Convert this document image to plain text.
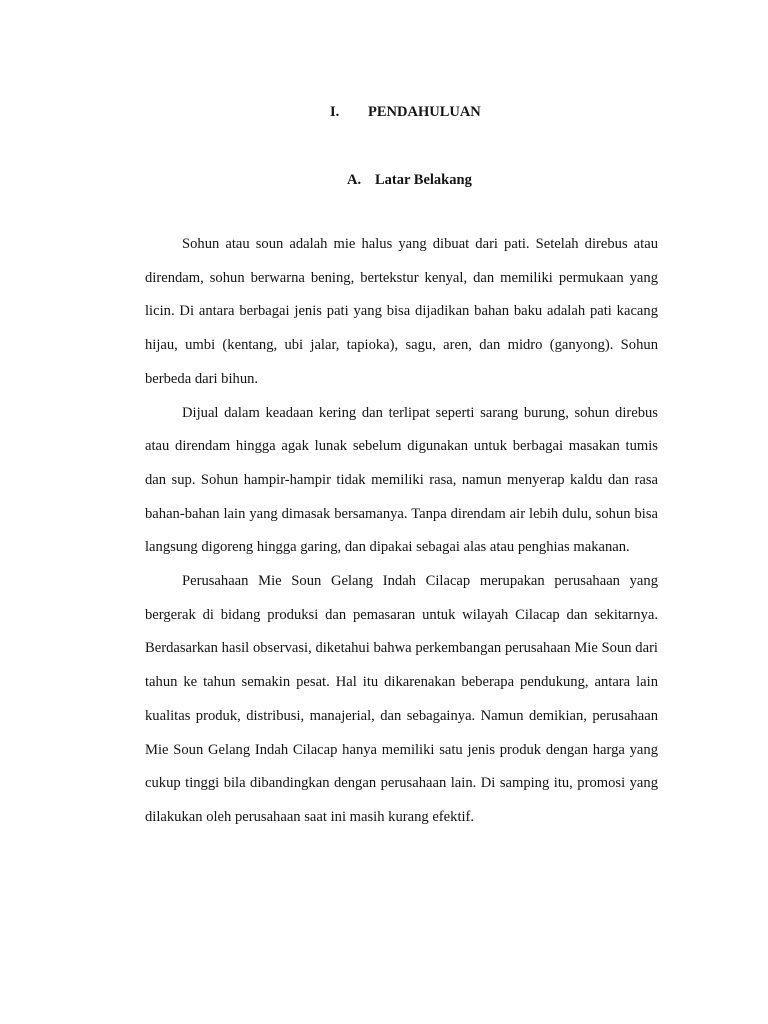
I. PENDAHULUAN
A. Latar Belakang

Sohun atau soun adalah mie halus yang dibuat dari pati. Setelah direbus atau direndam, sohun berwarna bening, bertekstur kenyal, dan memiliki permukaan yang licin. Di antara berbagai jenis pati yang bisa dijadikan bahan baku adalah pati kacang hijau, umbi (kentang, ubi jalar, tapioka), sagu, aren, dan midro (ganyong). Sohun berbeda dari bihun.

Dijual dalam keadaan kering dan terlipat seperti sarang burung, sohun direbus atau direndam hingga agak lunak sebelum digunakan untuk berbagai masakan tumis dan sup. Sohun hampir-hampir tidak memiliki rasa, namun menyerap kaldu dan rasa bahan-bahan lain yang dimasak bersamanya. Tanpa direndam air lebih dulu, sohun bisa langsung digoreng hingga garing, dan dipakai sebagai alas atau penghias makanan.

Perusahaan Mie Soun Gelang Indah Cilacap merupakan perusahaan yang bergerak di bidang produksi dan pemasaran untuk wilayah Cilacap dan sekitarnya. Berdasarkan hasil observasi, diketahui bahwa perkembangan perusahaan Mie Soun dari tahun ke tahun semakin pesat. Hal itu dikarenakan beberapa pendukung, antara lain kualitas produk, distribusi, manajerial, dan sebagainya. Namun demikian, perusahaan Mie Soun Gelang Indah Cilacap hanya memiliki satu jenis produk dengan harga yang cukup tinggi bila dibandingkan dengan perusahaan lain. Di samping itu, promosi yang dilakukan oleh perusahaan saat ini masih kurang efektif.
